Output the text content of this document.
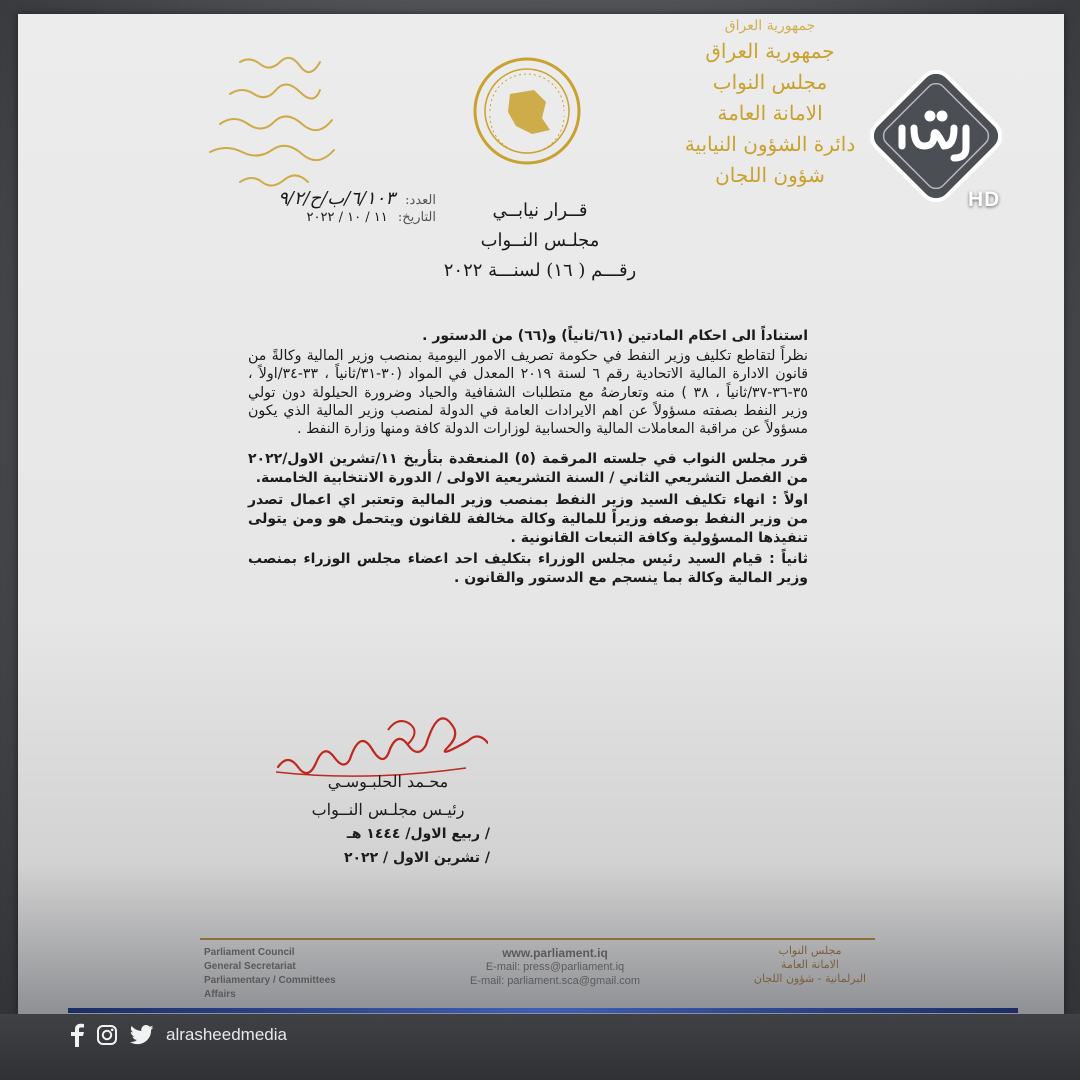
جمهورية العراق
جمهورية العراق
مجلس النواب
الامانة العامة
دائرة الشؤون النيابية
شؤون اللجان
العدد: ٦/١٠٣/ب/ح/٩/٢
التاريخ: ١١ / ١٠ / ٢٠٢٢	قــرار نيابــي
مجلـس النــواب
رقـــم ( ١٦) لسنـــة ٢٠٢٢

استناداً الى احكام المادتين (٦١/ثانياً) و(٦٦) من الدستور .

نظراً لتقاطع تكليف وزير النفط في حكومة تصريف الامور اليومية بمنصب وزير المالية وكالةً من قانون الادارة المالية الاتحادية رقم ٦ لسنة ٢٠١٩ المعدل في المواد (٣٠-٣١/ثانياً ، ٣٣-٣٤/اولاً ، ٣٥-٣٦-٣٧/ثانياً ، ٣٨ ) منه وتعارضهُ مع متطلبات الشفافية والحياد وضرورة الحيلولة دون تولي وزير النفط بصفته مسؤولاً عن اهم الايرادات العامة في الدولة لمنصب وزير المالية الذي يكون مسؤولاً عن مراقبة المعاملات المالية والحسابية لوزارات الدولة كافة ومنها وزارة النفط .

قرر مجلس النواب في جلسته المرقمة (٥) المنعقدة بتأريخ ١١/تشرين الاول/٢٠٢٢ من الفصل التشريعي الثاني / السنة التشريعية الاولى / الدورة الانتخابية الخامسة.

اولاً : انهاء تكليف السيد وزير النفط بمنصب وزير المالية وتعتبر اي اعمال تصدر من وزير النفط بوصفه وزيراً للمالية وكالة مخالفة للقانون ويتحمل هو ومن يتولى تنفيذها المسؤولية وكافة التبعات القانونية .

ثانياً : قيام السيد رئيس مجلس الوزراء بتكليف احد اعضاء مجلس الوزراء بمنصب وزير المالية وكالة بما ينسجم مع الدستور والقانون .

محـمد الحلبـوسـي
رئيـس مجلـس النــواب
/ ربيع الاول/ ١٤٤٤ هـ
/ تشرين الاول / ٢٠٢٢
Parliament Council
General Secretariat
Parliamentary / Committees Affairs
www.parliament.iq
E-mail: press@parliament.iq
E-mail: parliament.sca@gmail.com
مجلس النواب
الامانة العامة
البرلمانية - شؤون اللجان
HD
alrasheedmedia
